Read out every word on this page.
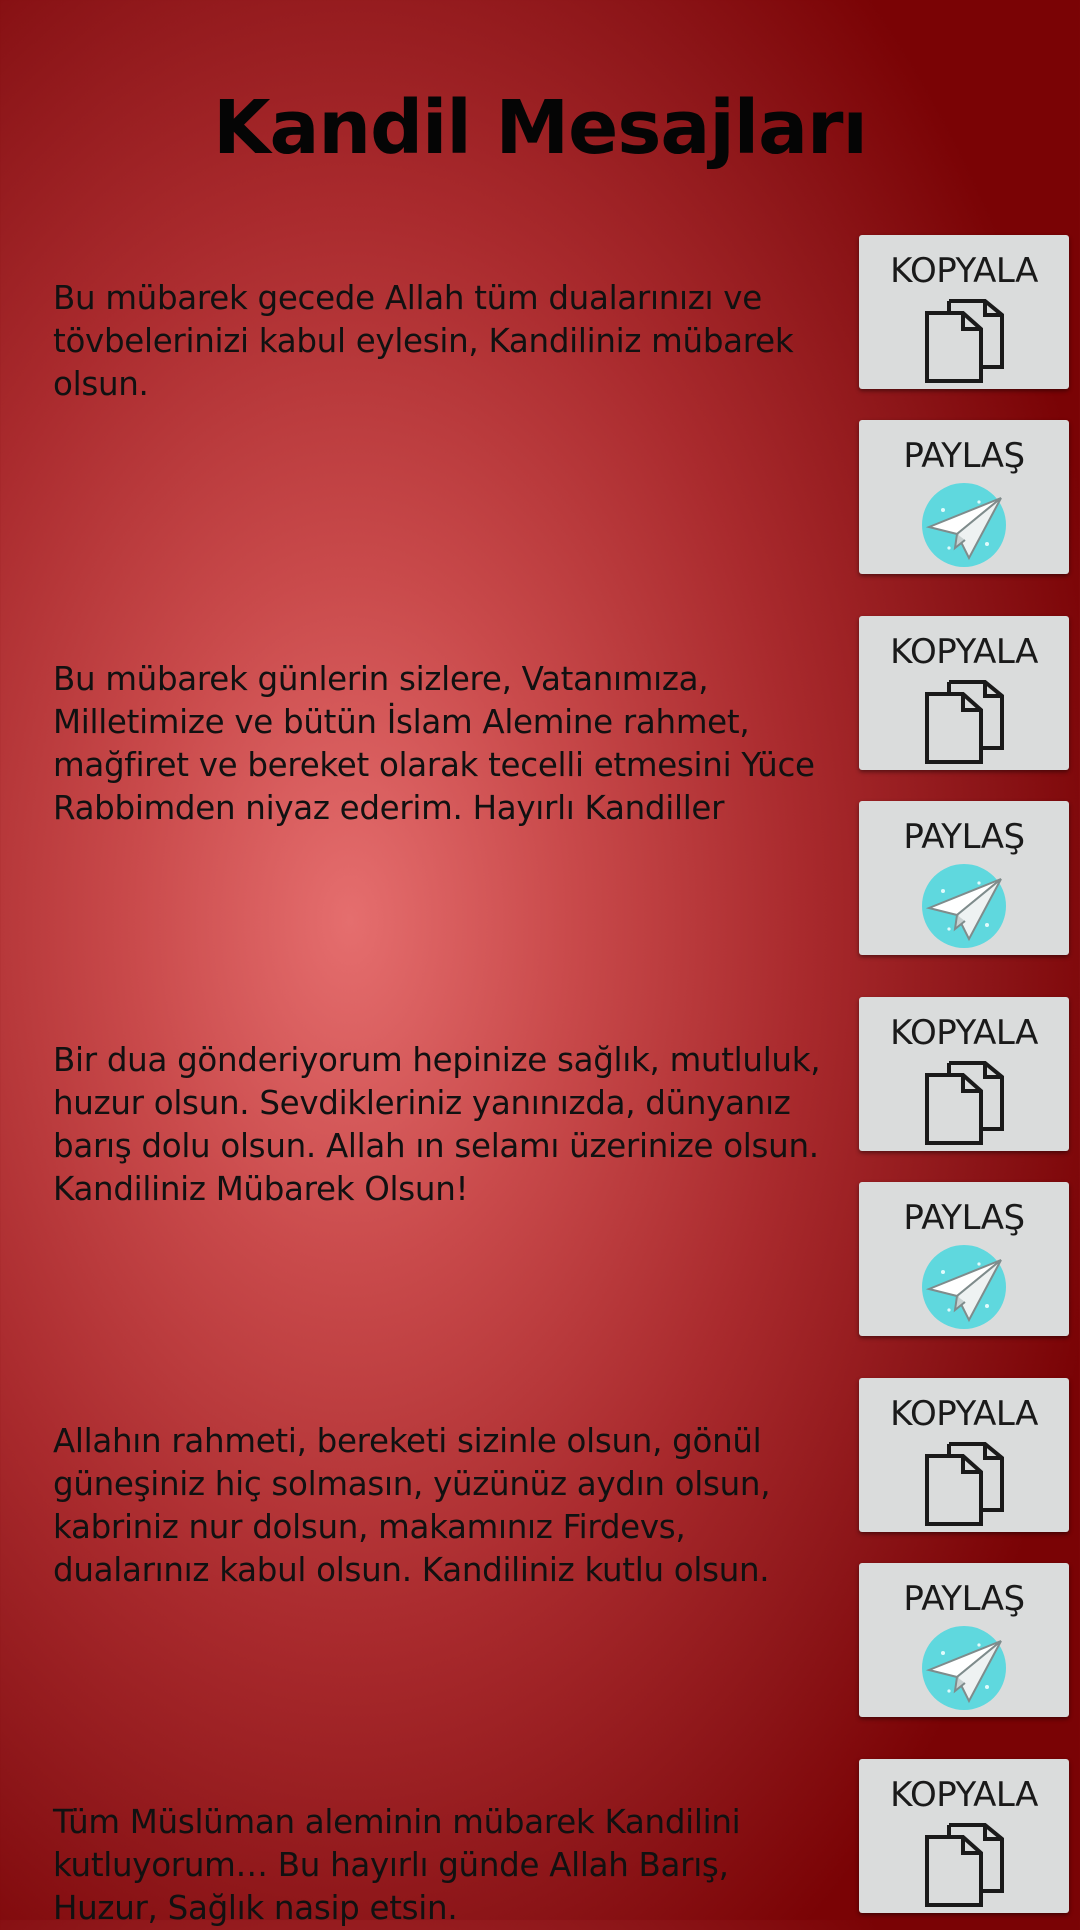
Kandil Mesajları

Bu mübarek gecede Allah tüm dualarınızı ve tövbelerinizi kabul eylesin, Kandiliniz mübarek olsun.

KOPYALA
PAYLAŞ

Bu mübarek günlerin sizlere, Vatanımıza, Milletimize ve bütün İslam Alemine rahmet, mağfiret ve bereket olarak tecelli etmesini Yüce Rabbimden niyaz ederim. Hayırlı Kandiller

KOPYALA
PAYLAŞ

Bir dua gönderiyorum hepinize sağlık, mutluluk, huzur olsun. Sevdikleriniz yanınızda, dünyanız barış dolu olsun. Allah ın selamı üzerinize olsun. Kandiliniz Mübarek Olsun!

KOPYALA
PAYLAŞ

Allahın rahmeti, bereketi sizinle olsun, gönül güneşiniz hiç solmasın, yüzünüz aydın olsun, kabriniz nur dolsun, makamınız Firdevs, dualarınız kabul olsun. Kandiliniz kutlu olsun.

KOPYALA
PAYLAŞ

Tüm Müslüman aleminin mübarek Kandilini kutluyorum… Bu hayırlı günde Allah Barış, Huzur, Sağlık nasip etsin.

KOPYALA
